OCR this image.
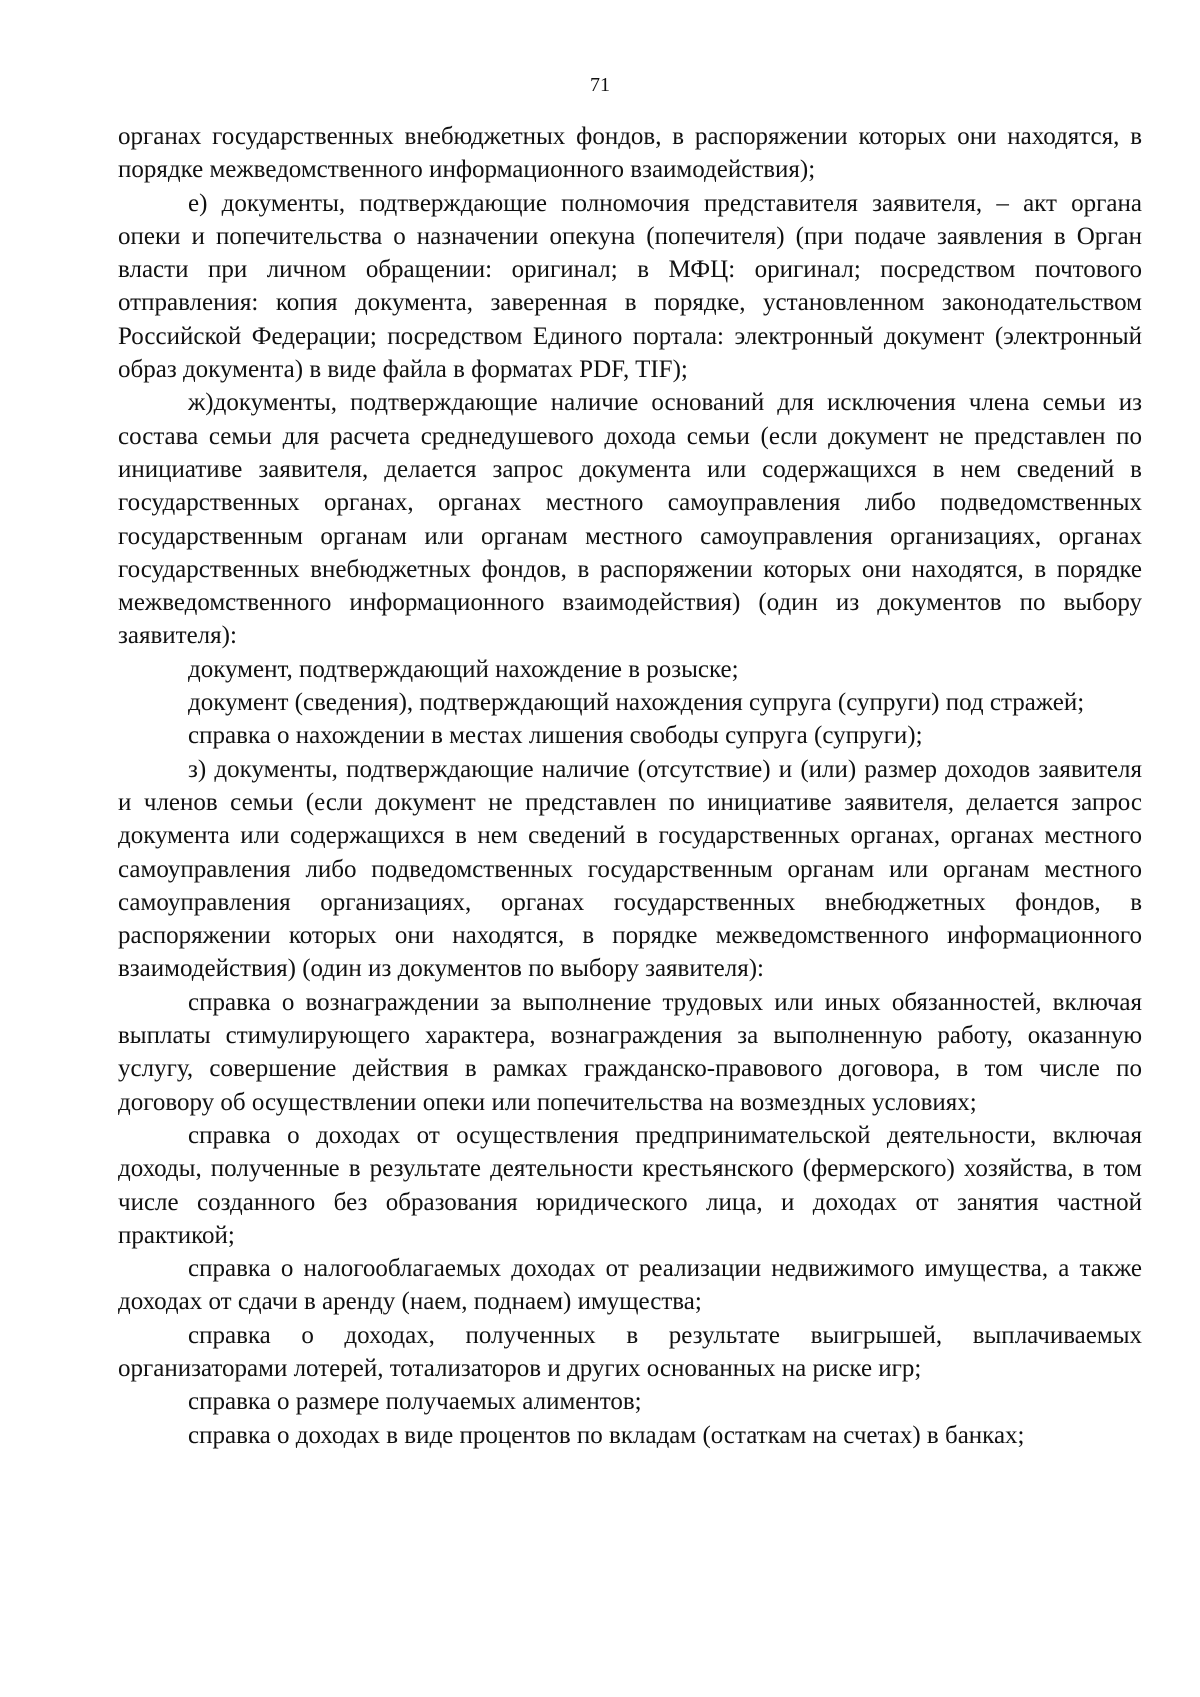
71

органах государственных внебюджетных фондов, в распоряжении которых они находятся, в порядке межведомственного информационного взаимодействия);

е) документы, подтверждающие полномочия представителя заявителя, – акт органа опеки и попечительства о назначении опекуна (попечителя) (при подаче заявления в Орган власти при личном обращении: оригинал; в МФЦ: оригинал; посредством почтового отправления: копия документа, заверенная в порядке, установленном законодательством Российской Федерации; посредством Единого портала: электронный документ (электронный образ документа) в виде файла в форматах PDF, TIF);

ж)документы, подтверждающие наличие оснований для исключения члена семьи из состава семьи для расчета среднедушевого дохода семьи (если документ не представлен по инициативе заявителя, делается запрос документа или содержащихся в нем сведений в государственных органах, органах местного самоуправления либо подведомственных государственным органам или органам местного самоуправления организациях, органах государственных внебюджетных фондов, в распоряжении которых они находятся, в порядке межведомственного информационного взаимодействия) (один из документов по выбору заявителя):

документ, подтверждающий нахождение в розыске;

документ (сведения), подтверждающий нахождения супруга (супруги) под стражей;

справка о нахождении в местах лишения свободы супруга (супруги);

з) документы, подтверждающие наличие (отсутствие) и (или) размер доходов заявителя и членов семьи (если документ не представлен по инициативе заявителя, делается запрос документа или содержащихся в нем сведений в государственных органах, органах местного самоуправления либо подведомственных государственным органам или органам местного самоуправления организациях, органах государственных внебюджетных фондов, в распоряжении которых они находятся, в порядке межведомственного информационного взаимодействия) (один из документов по выбору заявителя):

справка о вознаграждении за выполнение трудовых или иных обязанностей, включая выплаты стимулирующего характера, вознаграждения за выполненную работу, оказанную услугу, совершение действия в рамках гражданско-правового договора, в том числе по договору об осуществлении опеки или попечительства на возмездных условиях;

справка о доходах от осуществления предпринимательской деятельности, включая доходы, полученные в результате деятельности крестьянского (фермерского) хозяйства, в том числе созданного без образования юридического лица, и доходах от занятия частной практикой;

справка о налогооблагаемых доходах от реализации недвижимого имущества, а также доходах от сдачи в аренду (наем, поднаем) имущества;

справка о доходах, полученных в результате выигрышей, выплачиваемых организаторами лотерей, тотализаторов и других основанных на риске игр;

справка о размере получаемых алиментов;

справка о доходах в виде процентов по вкладам (остаткам на счетах) в банках;
